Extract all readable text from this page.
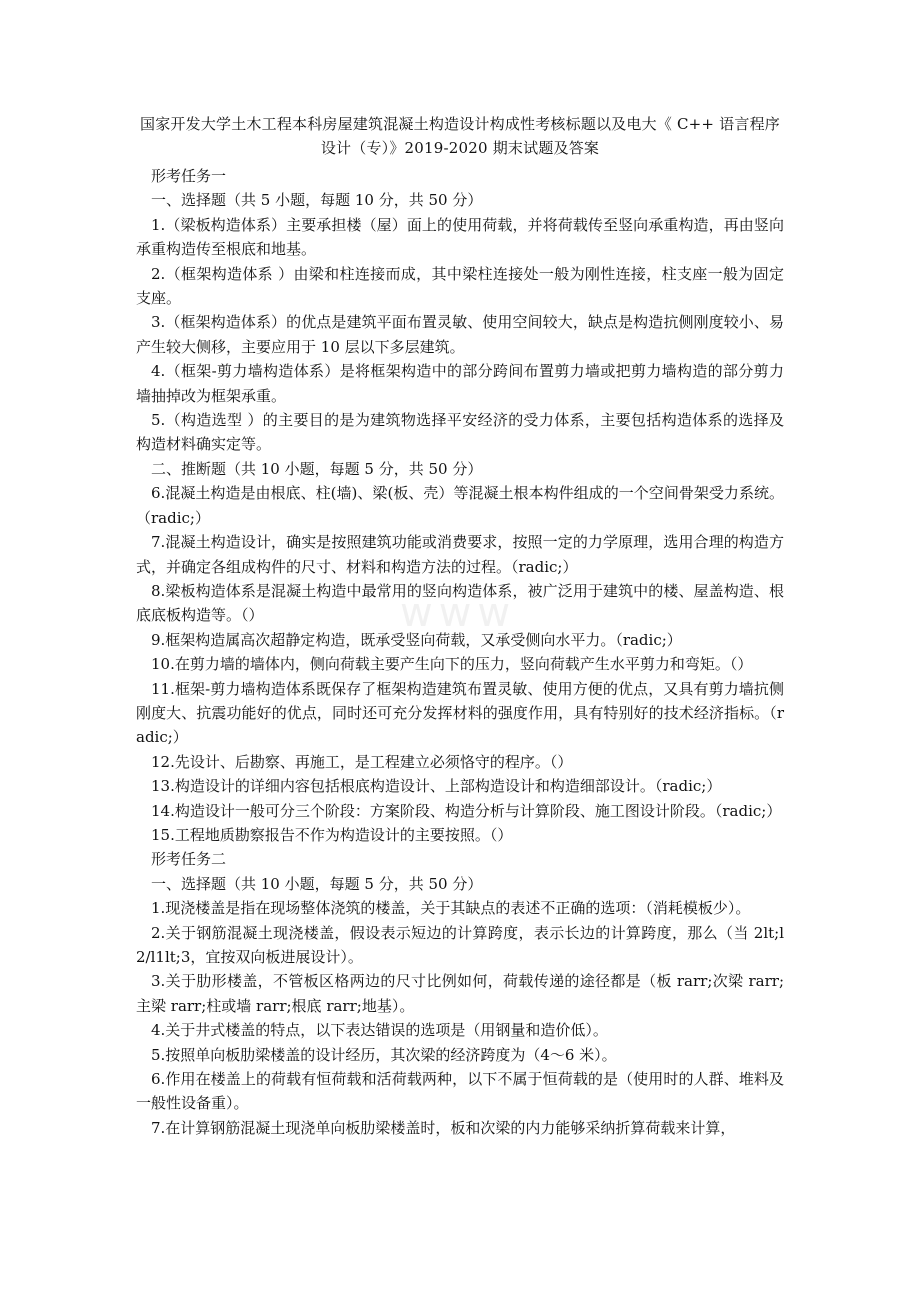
www
国家开发大学土木工程本科房屋建筑混凝土构造设计构成性考核标题以及电大《 C++ 语言程序设计（专）》2019-2020 期末试题及答案

形考任务一

一、选择题（共 5 小题，每题 10 分，共 50 分）

1.（梁板构造体系）主要承担楼（屋）面上的使用荷载，并将荷载传至竖向承重构造，再由竖向承重构造传至根底和地基。

2.（框架构造体系 ）由梁和柱连接而成，其中梁柱连接处一般为刚性连接，柱支座一般为固定支座。

3.（框架构造体系）的优点是建筑平面布置灵敏、使用空间较大，缺点是构造抗侧刚度较小、易产生较大侧移，主要应用于 10 层以下多层建筑。

4.（框架-剪力墙构造体系）是将框架构造中的部分跨间布置剪力墙或把剪力墙构造的部分剪力墙抽掉改为框架承重。

5.（构造选型 ）的主要目的是为建筑物选择平安经济的受力体系，主要包括构造体系的选择及构造材料确实定等。

二、推断题（共 10 小题，每题 5 分，共 50 分）

6.混凝土构造是由根底、柱(墙)、梁(板、壳）等混凝土根本构件组成的一个空间骨架受力系统。（radic;）

7.混凝土构造设计，确实是按照建筑功能或消费要求，按照一定的力学原理，选用合理的构造方式，并确定各组成构件的尺寸、材料和构造方法的过程。（radic;）

8.梁板构造体系是混凝土构造中最常用的竖向构造体系，被广泛用于建筑中的楼、屋盖构造、根底底板构造等。（）

9.框架构造属高次超静定构造，既承受竖向荷载，又承受侧向水平力。（radic;）

10.在剪力墙的墙体内，侧向荷载主要产生向下的压力，竖向荷载产生水平剪力和弯矩。（）

11.框架-剪力墙构造体系既保存了框架构造建筑布置灵敏、使用方便的优点，又具有剪力墙抗侧刚度大、抗震功能好的优点，同时还可充分发挥材料的强度作用，具有特别好的技术经济指标。（radic;）

12.先设计、后勘察、再施工，是工程建立必须恪守的程序。（）

13.构造设计的详细内容包括根底构造设计、上部构造设计和构造细部设计。（radic;）

14.构造设计一般可分三个阶段：方案阶段、构造分析与计算阶段、施工图设计阶段。（radic;）

15.工程地质勘察报告不作为构造设计的主要按照。（）

形考任务二

一、选择题（共 10 小题，每题 5 分，共 50 分）

1.现浇楼盖是指在现场整体浇筑的楼盖，关于其缺点的表述不正确的选项：（消耗模板少）。

2.关于钢筋混凝土现浇楼盖，假设表示短边的计算跨度，表示长边的计算跨度，那么（当 2lt;l2/l1lt;3，宜按双向板进展设计）。

3.关于肋形楼盖，不管板区格两边的尺寸比例如何，荷载传递的途径都是（板 rarr;次梁 rarr;主梁 rarr;柱或墙 rarr;根底 rarr;地基）。

4.关于井式楼盖的特点，以下表达错误的选项是（用钢量和造价低）。

5.按照单向板肋梁楼盖的设计经历，其次梁的经济跨度为（4～6 米）。

6.作用在楼盖上的荷载有恒荷载和活荷载两种，以下不属于恒荷载的是（使用时的人群、堆料及一般性设备重）。

7.在计算钢筋混凝土现浇单向板肋梁楼盖时，板和次梁的内力能够采纳折算荷载来计算，
